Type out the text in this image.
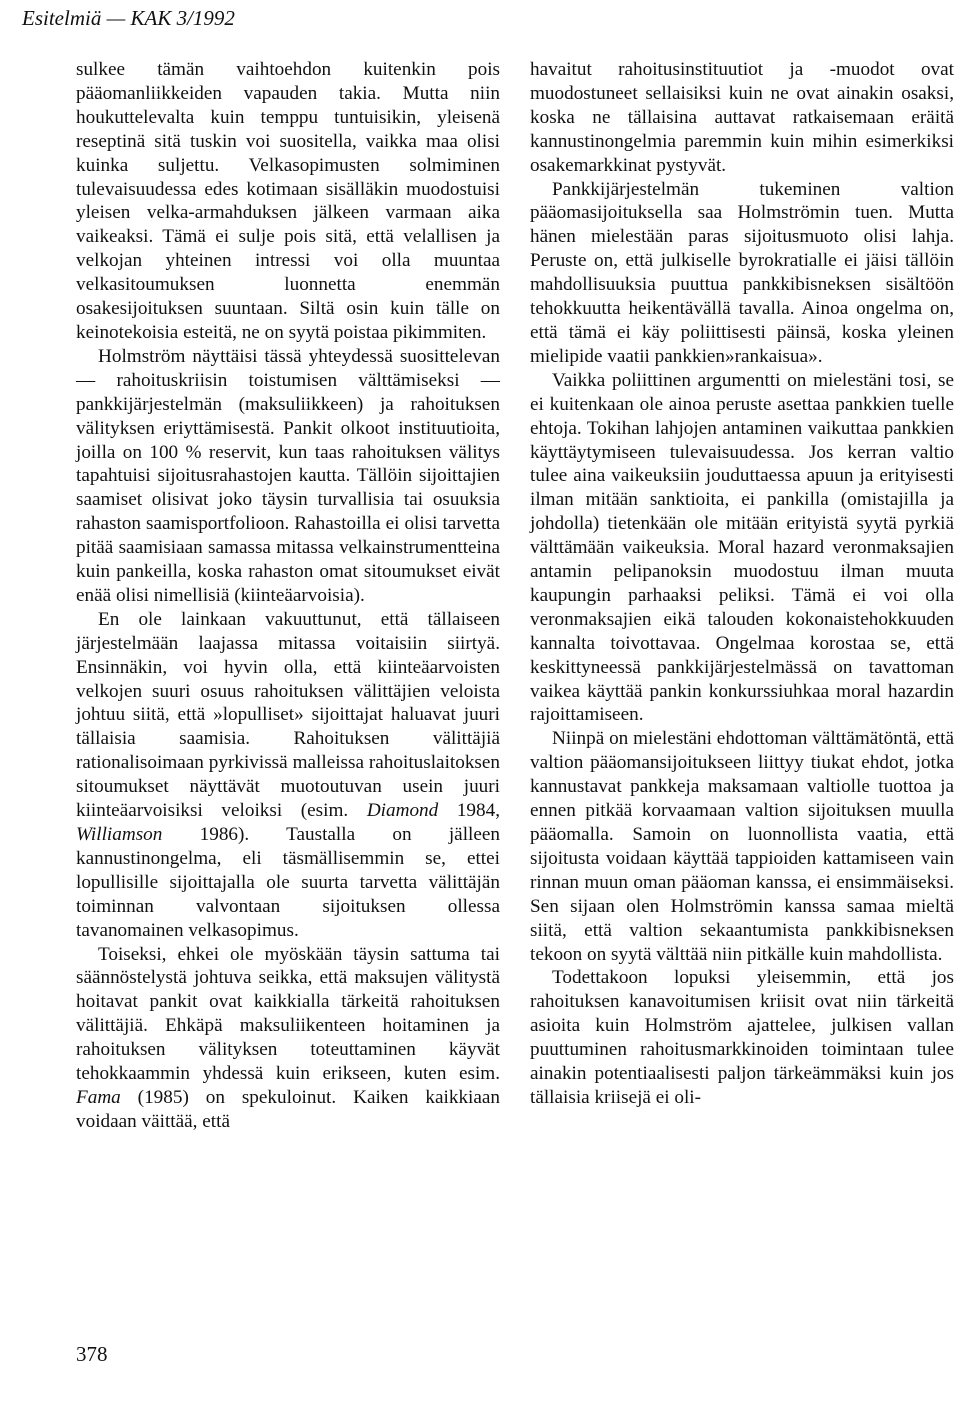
Esitelmiä — KAK 3/1992

sulkee tämän vaihtoehdon kuitenkin pois pääomanliikkeiden vapauden takia. Mutta niin houkuttelevalta kuin temppu tuntuisikin, yleisenä reseptinä sitä tuskin voi suositella, vaikka maa olisi kuinka suljettu. Velkasopimusten solmiminen tulevaisuudessa edes kotimaan sisälläkin muodostuisi yleisen velka-armahduksen jälkeen varmaan aika vaikeaksi. Tämä ei sulje pois sitä, että velallisen ja velkojan yhteinen intressi voi olla muuntaa velkasitoumuksen luonnetta enemmän osakesijoituksen suuntaan. Siltä osin kuin tälle on keinotekoisia esteitä, ne on syytä poistaa pikimmiten.

Holmström näyttäisi tässä yhteydessä suosittelevan — rahoituskriisin toistumisen välttämiseksi — pankkijärjestelmän (maksuliikkeen) ja rahoituksen välityksen eriyttämisestä. Pankit olkoot instituutioita, joilla on 100 % reservit, kun taas rahoituksen välitys tapahtuisi sijoitusrahastojen kautta. Tällöin sijoittajien saamiset olisivat joko täysin turvallisia tai osuuksia rahaston saamisportfolioon. Rahastoilla ei olisi tarvetta pitää saamisiaan samassa mitassa velkainstrumentteina kuin pankeilla, koska rahaston omat sitoumukset eivät enää olisi nimellisiä (kiinteäarvoisia).

En ole lainkaan vakuuttunut, että tällaiseen järjestelmään laajassa mitassa voitaisiin siirtyä. Ensinnäkin, voi hyvin olla, että kiinteäarvoisten velkojen suuri osuus rahoituksen välittäjien veloista johtuu siitä, että »lopulliset» sijoittajat haluavat juuri tällaisia saamisia. Rahoituksen välittäjiä rationalisoimaan pyrkivissä malleissa rahoituslaitoksen sitoumukset näyttävät muotoutuvan usein juuri kiinteäarvoisiksi veloiksi (esim. Diamond 1984, Williamson 1986). Taustalla on jälleen kannustinongelma, eli täsmällisemmin se, ettei lopullisille sijoittajalla ole suurta tarvetta välittäjän toiminnan valvontaan sijoituksen ollessa tavanomainen velkasopimus.

Toiseksi, ehkei ole myöskään täysin sattuma tai säännöstelystä johtuva seikka, että maksujen välitystä hoitavat pankit ovat kaikkialla tärkeitä rahoituksen välittäjiä. Ehkäpä maksuliikenteen hoitaminen ja rahoituksen välityksen toteuttaminen käyvät tehokkaammin yhdessä kuin erikseen, kuten esim. Fama (1985) on spekuloinut. Kaiken kaikkiaan voidaan väittää, että

havaitut rahoitusinstituutiot ja -muodot ovat muodostuneet sellaisiksi kuin ne ovat ainakin osaksi, koska ne tällaisina auttavat ratkaisemaan eräitä kannustinongelmia paremmin kuin mihin esimerkiksi osakemarkkinat pystyvät.

Pankkijärjestelmän tukeminen valtion pääomasijoituksella saa Holmströmin tuen. Mutta hänen mielestään paras sijoitusmuoto olisi lahja. Peruste on, että julkiselle byrokratialle ei jäisi tällöin mahdollisuuksia puuttua pankkibisneksen sisältöön tehokkuutta heikentävällä tavalla. Ainoa ongelma on, että tämä ei käy poliittisesti päinsä, koska yleinen mielipide vaatii pankkien»rankaisua».

Vaikka poliittinen argumentti on mielestäni tosi, se ei kuitenkaan ole ainoa peruste asettaa pankkien tuelle ehtoja. Tokihan lahjojen antaminen vaikuttaa pankkien käyttäytymiseen tulevaisuudessa. Jos kerran valtio tulee aina vaikeuksiin jouduttaessa apuun ja erityisesti ilman mitään sanktioita, ei pankilla (omistajilla ja johdolla) tietenkään ole mitään erityistä syytä pyrkiä välttämään vaikeuksia. Moral hazard veronmaksajien antamin pelipanoksin muodostuu ilman muuta kaupungin parhaaksi peliksi. Tämä ei voi olla veronmaksajien eikä talouden kokonaistehokkuuden kannalta toivottavaa. Ongelmaa korostaa se, että keskittyneessä pankkijärjestelmässä on tavattoman vaikea käyttää pankin konkurssiuhkaa moral hazardin rajoittamiseen.

Niinpä on mielestäni ehdottoman välttämätöntä, että valtion pääomansijoitukseen liittyy tiukat ehdot, jotka kannustavat pankkeja maksamaan valtiolle tuottoa ja ennen pitkää korvaamaan valtion sijoituksen muulla pääomalla. Samoin on luonnollista vaatia, että sijoitusta voidaan käyttää tappioiden kattamiseen vain rinnan muun oman pääoman kanssa, ei ensimmäiseksi. Sen sijaan olen Holmströmin kanssa samaa mieltä siitä, että valtion sekaantumista pankkibisneksen tekoon on syytä välttää niin pitkälle kuin mahdollista.

Todettakoon lopuksi yleisemmin, että jos rahoituksen kanavoitumisen kriisit ovat niin tärkeitä asioita kuin Holmström ajattelee, julkisen vallan puuttuminen rahoitusmarkkinoiden toimintaan tulee ainakin potentiaalisesti paljon tärkeämmäksi kuin jos tällaisia kriisejä ei oli-

378
